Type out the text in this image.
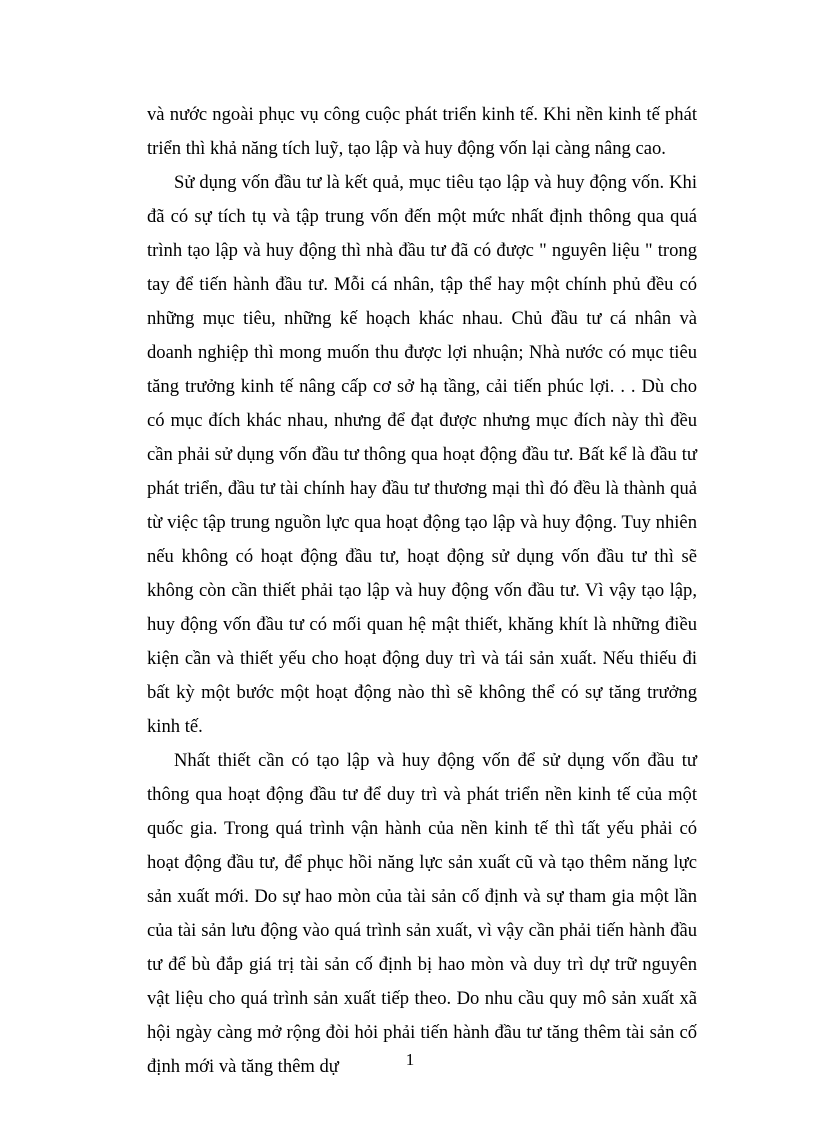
và nước ngoài phục vụ công cuộc phát triển kinh tế. Khi nền kinh tế phát triển thì khả năng tích luỹ, tạo lập và huy động vốn lại càng nâng cao.

Sử dụng vốn đầu tư là kết quả, mục tiêu tạo lập và huy động vốn. Khi đã có sự tích tụ và tập trung vốn đến một mức nhất định thông qua quá trình tạo lập và huy động thì nhà đầu tư đã có được " nguyên liệu " trong tay để tiến hành đầu tư. Mỗi cá nhân, tập thể hay một chính phủ đều có những mục tiêu, những kế hoạch khác nhau. Chủ đầu tư cá nhân và doanh nghiệp thì mong muốn thu được lợi nhuận; Nhà nước có mục tiêu tăng trưởng kinh tế nâng cấp cơ sở hạ tầng, cải tiến phúc lợi. . . Dù cho có mục đích khác nhau, nhưng để đạt được nhưng mục đích này thì đều cần phải sử dụng vốn đầu tư thông qua hoạt động đầu tư. Bất kể là đầu tư phát triển, đầu tư tài chính hay đầu tư thương mại thì đó đều là thành quả từ việc tập trung nguồn lực qua hoạt động tạo lập và huy động. Tuy nhiên nếu không có hoạt động đầu tư, hoạt động sử dụng vốn đầu tư thì sẽ không còn cần thiết phải tạo lập và huy động vốn đầu tư. Vì vậy tạo lập, huy động vốn đầu tư có mối quan hệ mật thiết, khăng khít là những điều kiện cần và thiết yếu cho hoạt động duy trì và tái sản xuất. Nếu thiếu đi bất kỳ một bước một hoạt động nào thì sẽ không thể có sự tăng trưởng kinh tế.

Nhất thiết cần có tạo lập và huy động vốn để sử dụng vốn đầu tư thông qua hoạt động đầu tư để duy trì và phát triển nền kinh tế của một quốc gia. Trong quá trình vận hành của nền kinh tế thì tất yếu phải có hoạt động đầu tư, để phục hồi năng lực sản xuất cũ và tạo thêm năng lực sản xuất mới. Do sự hao mòn của tài sản cố định và sự tham gia một lần của tài sản lưu động vào quá trình sản xuất, vì vậy cần phải tiến hành đầu tư để bù đắp giá trị tài sản cố định bị hao mòn và duy trì dự trữ nguyên vật liệu cho quá trình sản xuất tiếp theo. Do nhu cầu quy mô sản xuất xã hội ngày càng mở rộng đòi hỏi phải tiến hành đầu tư tăng thêm tài sản cố định mới và tăng thêm dự	1
